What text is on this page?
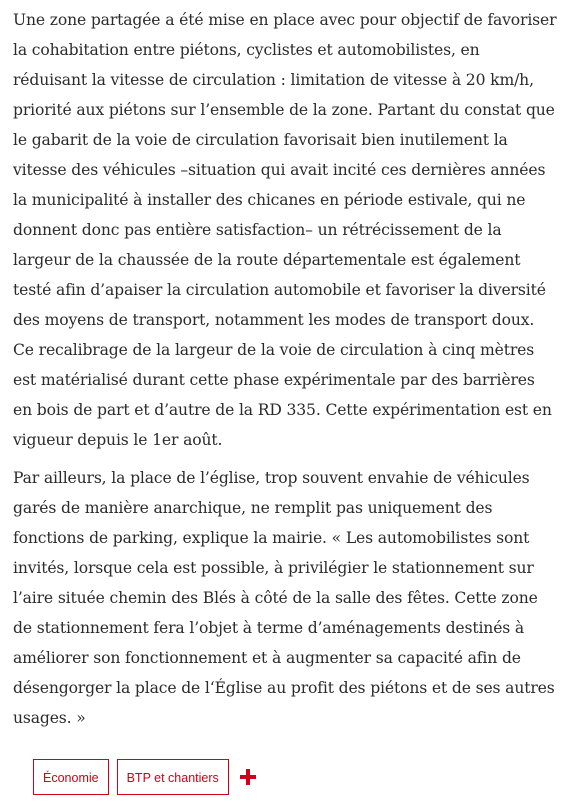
Une zone partagée a été mise en place avec pour objectif de favoriser la cohabitation entre piétons, cyclistes et automobilistes, en réduisant la vitesse de circulation : limitation de vitesse à 20 km/h, priorité aux piétons sur l’ensemble de la zone. Partant du constat que le gabarit de la voie de circulation favorisait bien inutilement la vitesse des véhicules –situation qui avait incité ces dernières années la municipalité à installer des chicanes en période estivale, qui ne donnent donc pas entière satisfaction– un rétrécissement de la largeur de la chaussée de la route départementale est également testé afin d’apaiser la circulation automobile et favoriser la diversité des moyens de transport, notamment les modes de transport doux. Ce recalibrage de la largeur de la voie de circulation à cinq mètres est matérialisé durant cette phase expérimentale par des barrières en bois de part et d’autre de la RD 335. Cette expérimentation est en vigueur depuis le 1er août.

Par ailleurs, la place de l’église, trop souvent envahie de véhicules garés de manière anarchique, ne remplit pas uniquement des fonctions de parking, explique la mairie. « Les automobilistes sont invités, lorsque cela est possible, à privilégier le stationnement sur l’aire située chemin des Blés à côté de la salle des fêtes. Cette zone de stationnement fera l’objet à terme d’aménagements destinés à améliorer son fonctionnement et à augmenter sa capacité afin de désengorger la place de l‘Église au profit des piétons et de ses autres usages. »

Économie	BTP et chantiers
